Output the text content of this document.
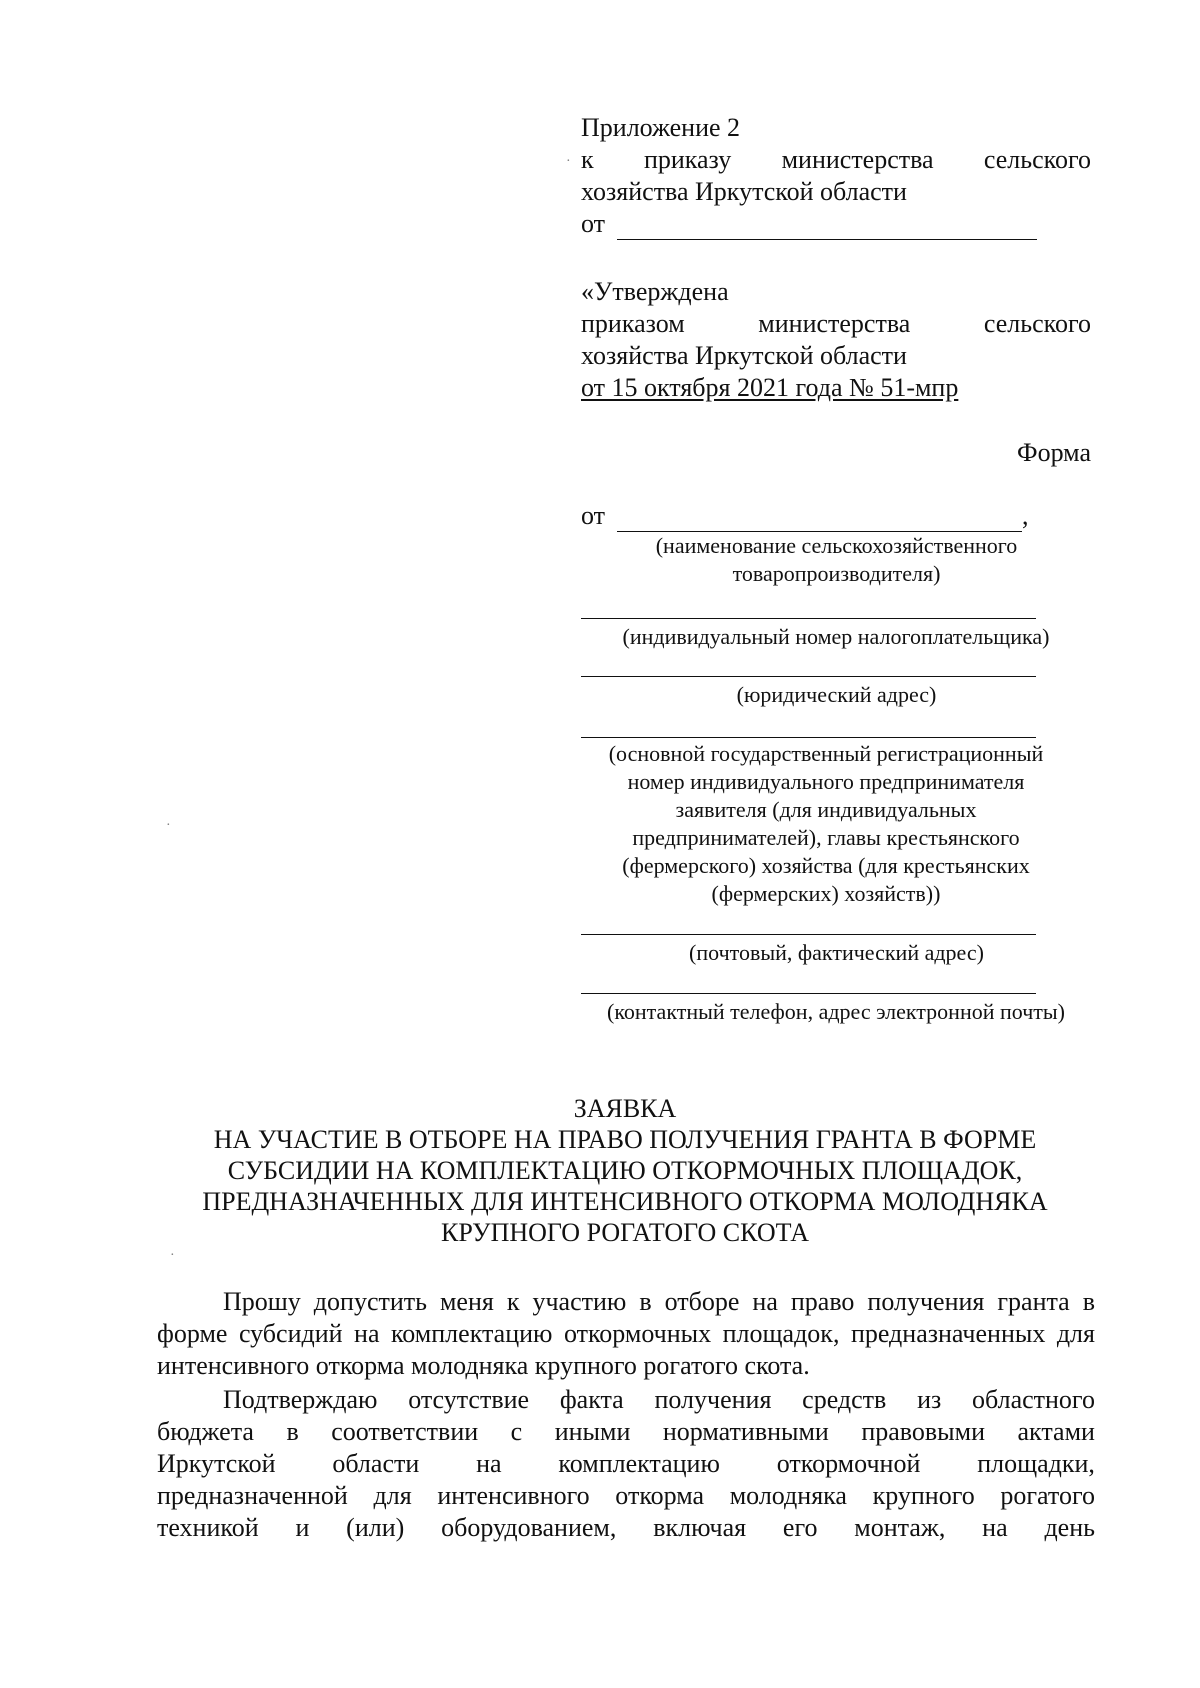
Приложение 2
к приказу министерства сельского
хозяйства Иркутской области
от
«Утверждена
приказом	министерства	сельского
хозяйства Иркутской области
от 15 октября 2021 года № 51-мпр
Форма
от	,
(наименование сельскохозяйственного
товаропроизводителя)
(индивидуальный номер налогоплательщика)
(юридический адрес)
(основной государственный регистрационный
номер индивидуального предпринимателя
заявителя (для индивидуальных
предпринимателей), главы крестьянского
(фермерского) хозяйства (для крестьянских
(фермерских) хозяйств))
(почтовый, фактический адрес)
(контактный телефон, адрес электронной почты)
ЗАЯВКА
НА УЧАСТИЕ В ОТБОРЕ НА ПРАВО ПОЛУЧЕНИЯ ГРАНТА В ФОРМЕ
СУБСИДИИ НА КОМПЛЕКТАЦИЮ ОТКОРМОЧНЫХ ПЛОЩАДОК,
ПРЕДНАЗНАЧЕННЫХ ДЛЯ ИНТЕНСИВНОГО ОТКОРМА МОЛОДНЯКА
КРУПНОГО РОГАТОГО СКОТА

Прошу допустить меня к участию в отборе на право получения гранта в форме субсидий на комплектацию откормочных площадок, предназначенных для интенсивного откорма молодняка крупного рогатого скота.

Подтверждаю отсутствие факта получения средств из областного
бюджета в соответствии с иными нормативными правовыми актами
Иркутской области на комплектацию откормочной площадки,
предназначенной для интенсивного откорма молодняка крупного рогатого
техникой и (или) оборудованием, включая его монтаж, на день
·
·
·
